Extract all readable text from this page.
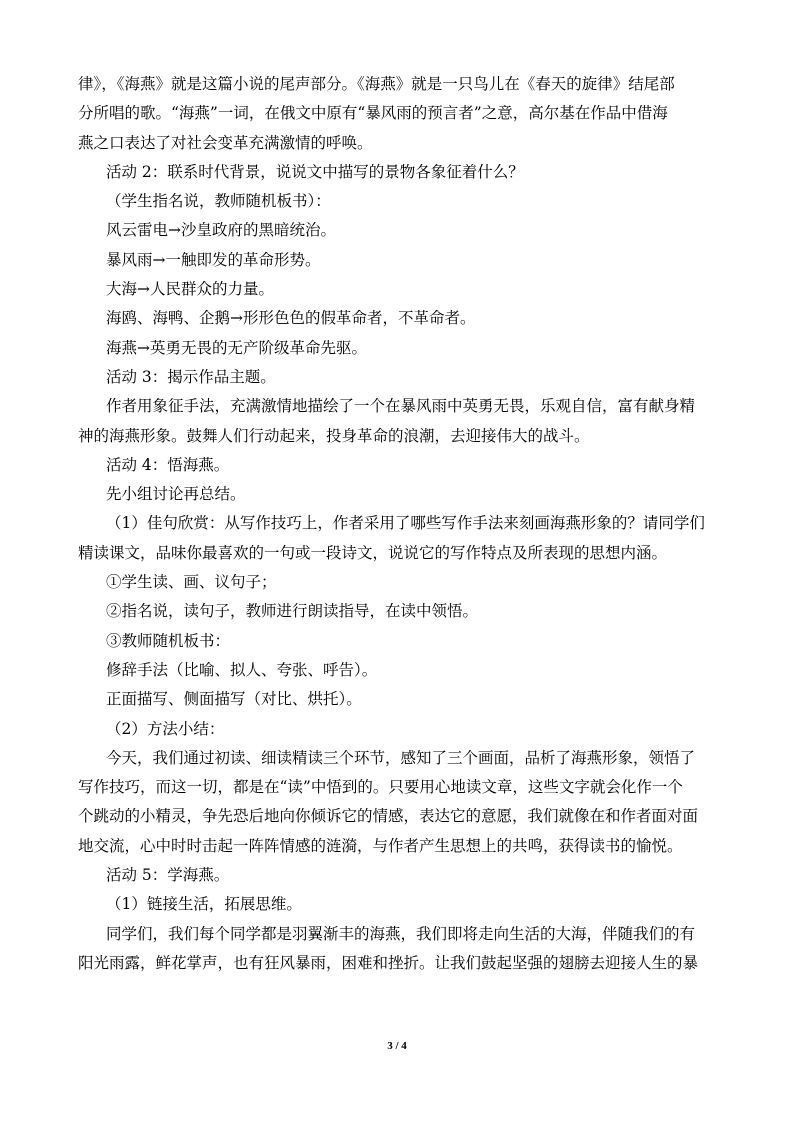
律》，《海燕》就是这篇小说的尾声部分。《海燕》就是一只鸟儿在《春天的旋律》结尾部

分所唱的歌。“海燕”一词，在俄文中原有“暴风雨的预言者”之意，高尔基在作品中借海

燕之口表达了对社会变革充满激情的呼唤。

活动 2：联系时代背景，说说文中描写的景物各象征着什么？

（学生指名说，教师随机板书）：

风云雷电→沙皇政府的黑暗统治。

暴风雨→一触即发的革命形势。

大海→人民群众的力量。

海鸥、海鸭、企鹅→形形色色的假革命者，不革命者。

海燕→英勇无畏的无产阶级革命先驱。

活动 3：揭示作品主题。

作者用象征手法，充满激情地描绘了一个在暴风雨中英勇无畏，乐观自信，富有献身精

神的海燕形象。鼓舞人们行动起来，投身革命的浪潮，去迎接伟大的战斗。

活动 4：悟海燕。

先小组讨论再总结。

（1）佳句欣赏：从写作技巧上，作者采用了哪些写作手法来刻画海燕形象的？请同学们

精读课文，品味你最喜欢的一句或一段诗文，说说它的写作特点及所表现的思想内涵。

①学生读、画、议句子；

②指名说，读句子，教师进行朗读指导，在读中领悟。

③教师随机板书：

修辞手法（比喻、拟人、夸张、呼告）。

正面描写、侧面描写（对比、烘托）。

（2）方法小结：

今天，我们通过初读、细读精读三个环节，感知了三个画面，品析了海燕形象，领悟了

写作技巧，而这一切，都是在“读”中悟到的。只要用心地读文章，这些文字就会化作一个

个跳动的小精灵，争先恐后地向你倾诉它的情感，表达它的意愿，我们就像在和作者面对面

地交流，心中时时击起一阵阵情感的涟漪，与作者产生思想上的共鸣，获得读书的愉悦。

活动 5：学海燕。

（1）链接生活，拓展思维。

同学们，我们每个同学都是羽翼渐丰的海燕，我们即将走向生活的大海，伴随我们的有

阳光雨露，鲜花掌声，也有狂风暴雨，困难和挫折。让我们鼓起坚强的翅膀去迎接人生的暴

3 / 4
